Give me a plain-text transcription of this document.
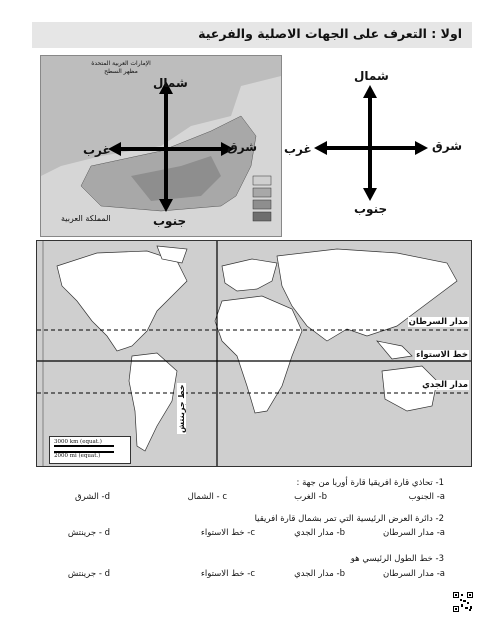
اولا : التعرف على الجهات الاصلية والفرعية
الإمارات العربية المتحدة
مظهر السطح
المملكة العربية
شمال
جنوب
شرق
غرب
شمال
جنوب
شرق
غرب
مدار السرطان
خط الاستواء
مدار الجدي
خط جرينتش
3000 km (equat.)
2000 mi (equat.)
1- تحاذي قارة افريقيا قارة أوربا من جهة :
a- الجنوب
b- الغرب
c - الشمال
d- الشرق
2- دائرة العرض الرئيسية التي تمر بشمال قارة افريقيا
a- مدار السرطان
b- مدار الجدي
c- خط الاستواء
d - جرينتش
3- خط الطول الرئيسي هو
a- مدار السرطان
b- مدار الجدي
c- خط الاستواء
d - جرينتش
